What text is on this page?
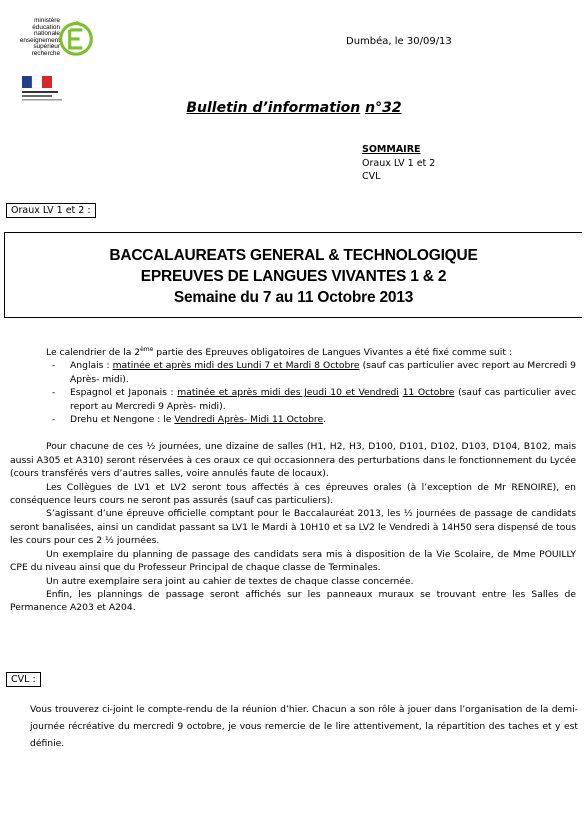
ministère
éducation
nationale
enseignement
supérieur
recherche
Dumbéa, le 30/09/13
Bulletin d’information n°32
SOMMAIRE
Oraux LV 1 et 2
CVL
Oraux LV 1 et 2 :
BACCALAUREATS GENERAL & TECHNOLOGIQUE
EPREUVES DE LANGUES VIVANTES 1 & 2
Semaine du 7 au 11 Octobre 2013

Le calendrier de la 2ème partie des Epreuves obligatoires de Langues Vivantes a été fixé comme suit :

- Anglais : matinée et après midi des Lundi 7 et Mardi 8 Octobre (sauf cas particulier avec report au Mercredi 9 Après- midi).
- Espagnol et Japonais : matinée et après midi des Jeudi 10 et Vendredi 11 Octobre (sauf cas particulier avec report au Mercredi 9 Après- midi).
- Drehu et Nengone : le Vendredi Après- Midi 11 Octobre.

Pour chacune de ces ½ journées, une dizaine de salles (H1, H2, H3, D100, D101, D102, D103, D104, B102, mais aussi A305 et A310) seront réservées à ces oraux ce qui occasionnera des perturbations dans le fonctionnement du Lycée (cours transférés vers d’autres salles, voire annulés faute de locaux).

Les Collègues de LV1 et LV2 seront tous affectés à ces épreuves orales (à l’exception de Mr RENOIRE), en conséquence leurs cours ne seront pas assurés (sauf cas particuliers).

S’agissant d’une épreuve officielle comptant pour le Baccalauréat 2013, les ½ journées de passage de candidats seront banalisées, ainsi un candidat passant sa LV1 le Mardi à 10H10 et sa LV2 le Vendredi à 14H50 sera dispensé de tous les cours pour ces 2 ½ journées.

Un exemplaire du planning de passage des candidats sera mis à disposition de la Vie Scolaire, de Mme POUILLY CPE du niveau ainsi que du Professeur Principal de chaque classe de Terminales.

Un autre exemplaire sera joint au cahier de textes de chaque classe concernée.

Enfin, les plannings de passage seront affichés sur les panneaux muraux se trouvant entre les Salles de Permanence A203 et A204.

CVL :
Vous trouverez ci-joint le compte-rendu de la réunion d’hier. Chacun a son rôle à jouer dans l’organisation de la demi-journée récréative du mercredi 9 octobre, je vous remercie de le lire attentivement, la répartition des taches et y est définie.
